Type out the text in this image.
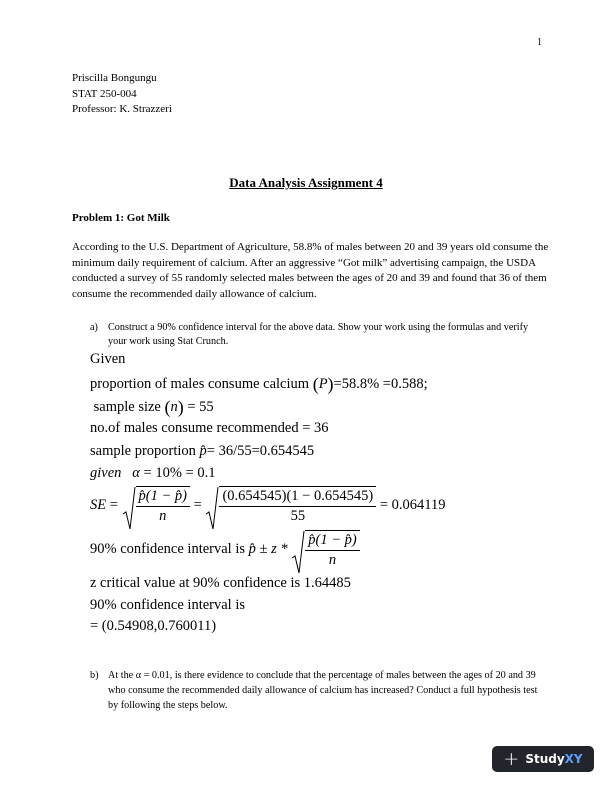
1
Priscilla Bongungu
STAT 250-004
Professor: K. Strazzeri
Data Analysis Assignment 4
Problem 1: Got Milk
According to the U.S. Department of Agriculture, 58.8% of males between 20 and 39 years old consume the minimum daily requirement of calcium. After an aggressive “Got milk” advertising campaign, the USDA conducted a survey of 55 randomly selected males between the ages of 20 and 39 and found that 36 of them consume the recommended daily allowance of calcium.
a) Construct a 90% confidence interval for the above data. Show your work using the formulas and verify your work using Stat Crunch.
Given
proportion of males consume calcium (P)=58.8% =0.588;
sample size (n) = 55
no.of males consume recommended = 36
sample proportion p̂= 36/55=0.654545
given α = 10% = 0.1
SE = $\frac{p̂(1 - p̂)}{n} = \frac{(0.654545)(1 - 0.654545)}{55} = 0.064119$
90% confidence interval is p̂ ± z * $\frac{p̂(1 - p̂)}{n}$
z critical value at 90% confidence is 1.64485
90% confidence interval is
= (0.54908,0.760011)
b) At the α = 0.01, is there evidence to conclude that the percentage of males between the ages of 20 and 39 who consume the recommended daily allowance of calcium has increased? Conduct a full hypothesis test by following the steps below.
+ StudyXY
